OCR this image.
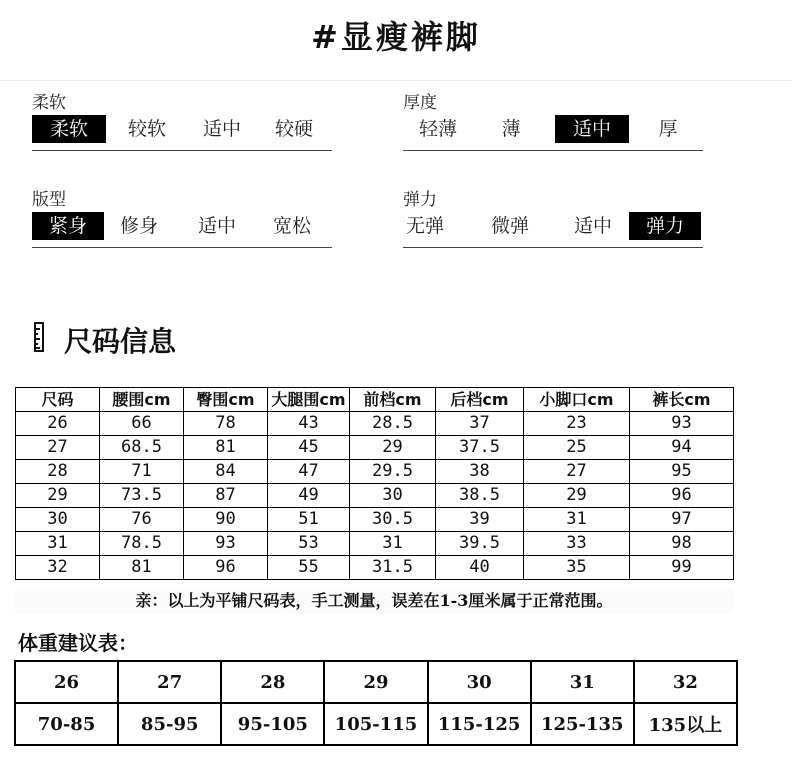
#显瘦裤脚
柔软
柔软	较软	适中	较硬
厚度
轻薄	薄	适中	厚
版型
紧身	修身	适中	宽松
弹力
无弹 微弹 适中	弹力
尺码信息
尺码	腰围cm	臀围cm	大腿围cm	前档cm	后档cm	小脚口cm	裤长cm
26	66	78	43	28.5	37	23	93
27	68.5	81	45	29	37.5	25	94
28	71	84	47	29.5	38	27	95
29	73.5	87	49	30	38.5	29	96
30	76	90	51	30.5	39	31	97
31	78.5	93	53	31	39.5	33	98
32	81	96	55	31.5	40	35	99
亲：以上为平铺尺码表，手工测量，误差在1-3厘米属于正常范围。
体重建议表：
26	27	28	29	30	31	32
70-85	85-95	95-105	105-115	115-125	125-135	135以上
